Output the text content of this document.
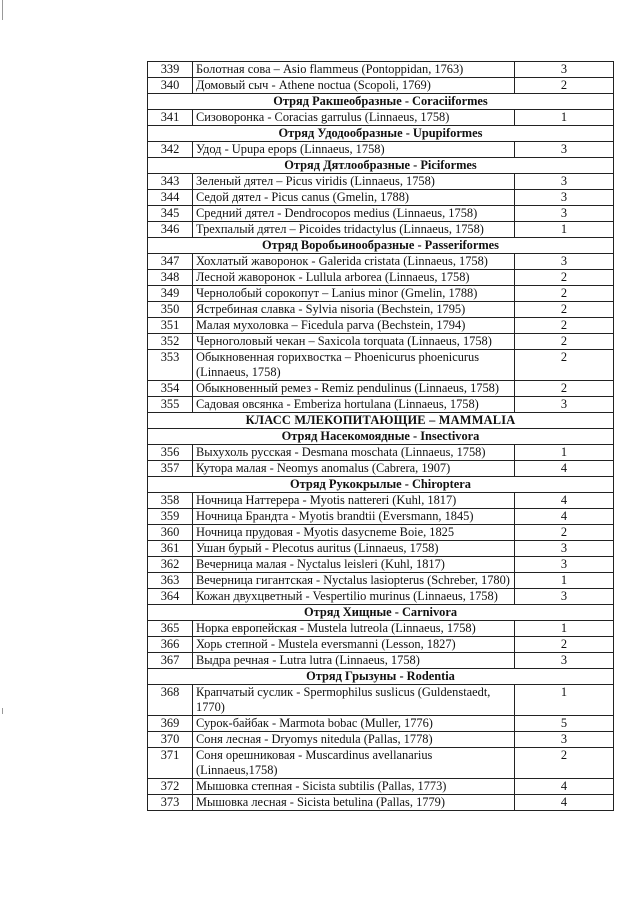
339	Болотная сова – Asio flammeus (Pontoppidan, 1763)	3
340	Домовый сыч - Athene noctua (Scopoli, 1769)	2
Отряд Ракшеобразные - Coraciiformes		
341	Сизоворонка - Coracias garrulus (Linnaeus, 1758)	1
Отряд Удодообразные - Upupiformes		
342	Удод - Upupa epops (Linnaeus, 1758)	3
Отряд Дятлообразные - Piciformes		
343	Зеленый дятел – Picus viridis (Linnaeus, 1758)	3
344	Седой дятел - Picus canus (Gmelin, 1788)	3
345	Средний дятел - Dendrocopos medius (Linnaeus, 1758)	3
346	Трехпалый дятел – Picoides tridactylus (Linnaeus, 1758)	1
Отряд Воробьинообразные - Passeriformes		
347	Хохлатый жаворонок - Galerida cristata (Linnaeus, 1758)	3
348	Лесной жаворонок - Lullula arborea (Linnaeus, 1758)	2
349	Чернолобый сорокопут – Lanius minor (Gmelin, 1788)	2
350	Ястребиная славка - Sylvia nisoria (Bechstein, 1795)	2
351	Малая мухоловка – Ficedula parva (Bechstein, 1794)	2
352	Черноголовый чекан – Saxicola torquata (Linnaeus, 1758)	2
353	Обыкновенная горихвостка – Phoenicurus phoenicurus (Linnaeus, 1758)	2
354	Обыкновенный ремез - Remiz pendulinus (Linnaeus, 1758)	2
355	Садовая овсянка - Emberiza hortulana (Linnaeus, 1758)	3
КЛАСС МЛЕКОПИТАЮЩИЕ – MAMMALIA		
Отряд Насекомоядные - Insectivora		
356	Выхухоль русская - Desmana moschata (Linnaeus, 1758)	1
357	Кутора малая - Neomys anomalus (Cabrera, 1907)	4
Отряд Рукокрылые - Chiroptera		
358	Ночница Наттерера - Myotis nattereri (Kuhl, 1817)	4
359	Ночница Брандта - Myotis brandtii (Eversmann, 1845)	4
360	Ночница прудовая - Myotis dasycneme Boie, 1825	2
361	Ушан бурый - Plecotus auritus (Linnaeus, 1758)	3
362	Вечерница малая - Nyctalus leisleri (Kuhl, 1817)	3
363	Вечерница гигантская - Nyctalus lasiopterus (Schreber, 1780)	1
364	Кожан двухцветный - Vespertilio murinus (Linnaeus, 1758)	3
Отряд Хищные - Carnivora		
365	Норка европейская - Mustela lutreola (Linnaeus, 1758)	1
366	Хорь степной - Mustela eversmanni (Lesson, 1827)	2
367	Выдра речная - Lutra lutra (Linnaeus, 1758)	3
Отряд Грызуны - Rodentia		
368	Крапчатый суслик - Spermophilus suslicus (Guldenstaedt, 1770)	1
369	Сурок-байбак - Marmota bobac (Muller, 1776)	5
370	Соня лесная - Dryomys nitedula (Pallas, 1778)	3
371	Соня орешниковая - Muscardinus avellanarius (Linnaeus,1758)	2
372	Мышовка степная - Sicista subtilis (Pallas, 1773)	4
373	Мышовка лесная - Sicista betulina (Pallas, 1779)	4
